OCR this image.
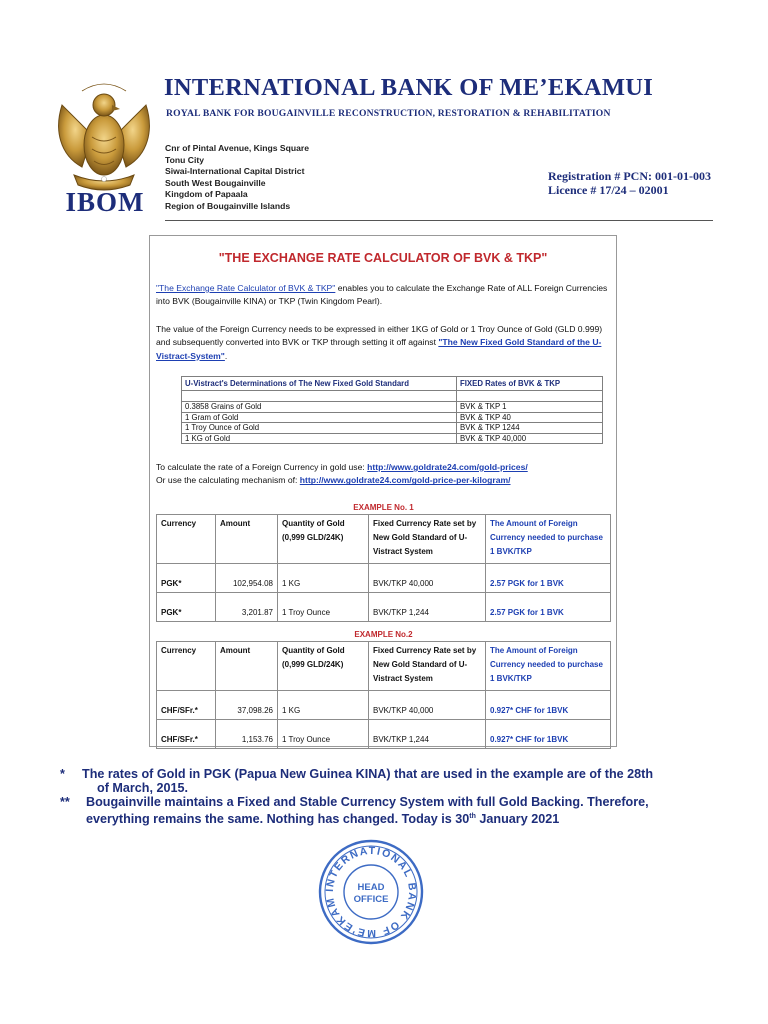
IBOM
INTERNATIONAL BANK OF ME’EKAMUI
ROYAL BANK FOR BOUGAINVILLE RECONSTRUCTION, RESTORATION & REHABILITATION
Cnr of Pintal Avenue, Kings Square
Tonu City
Siwai-International Capital District
South West Bougainville
Kingdom of Papaala
Region of Bougainville Islands
Registration # PCN: 001-01-003
Licence # 17/24 – 02001
"THE EXCHANGE RATE CALCULATOR OF BVK & TKP"
"The Exchange Rate Calculator of BVK & TKP" enables you to calculate the Exchange Rate of ALL Foreign Currencies into BVK (Bougainville KINA) or TKP (Twin Kingdom Pearl).
The value of the Foreign Currency needs to be expressed in either 1KG of Gold or 1 Troy Ounce of Gold (GLD 0.999) and subsequently converted into BVK or TKP through setting it off against "The New Fixed Gold Standard of the U-Vistract-System".
U-Vistract's Determinations of The New Fixed Gold Standard	FIXED Rates of BVK & TKP

0.3858 Grains of Gold	BVK & TKP 1
1 Gram of Gold	BVK & TKP 40
1 Troy Ounce of Gold	BVK & TKP 1244
1 KG of Gold	BVK & TKP 40,000
To calculate the rate of a Foreign Currency in gold use: http://www.goldrate24.com/gold-prices/
Or use the calculating mechanism of: http://www.goldrate24.com/gold-price-per-kilogram/
EXAMPLE No. 1				
Currency	Amount	Quantity of Gold (0,999 GLD/24K)	Fixed Currency Rate set by New Gold Standard of U-Vistract System	The Amount of Foreign Currency needed to purchase 1 BVK/TKP
PGK*	102,954.08	1 KG	BVK/TKP 40,000	2.57 PGK for 1 BVK
PGK*	3,201.87	1 Troy Ounce	BVK/TKP 1,244	2.57 PGK for 1 BVK
EXAMPLE No.2				
Currency	Amount	Quantity of Gold (0,999 GLD/24K)	Fixed Currency Rate set by New Gold Standard of U-Vistract System	The Amount of Foreign Currency needed to purchase 1 BVK/TKP
CHF/SFr.*	37,098.26	1 KG	BVK/TKP 40,000	0.927* CHF for 1BVK
CHF/SFr.*	1,153.76	1 Troy Ounce	BVK/TKP 1,244	0.927* CHF for 1BVK
* The rates of Gold in PGK (Papua New Guinea KINA) that are used in the example are of the 28th
of March, 2015.
** Bougainville maintains a Fixed and Stable Currency System with full Gold Backing. Therefore,
everything remains the same. Nothing has changed. Today is 30th January 2021
INTERNATIONAL BANK OF ME'EKAM
HEAD
OFFICE
